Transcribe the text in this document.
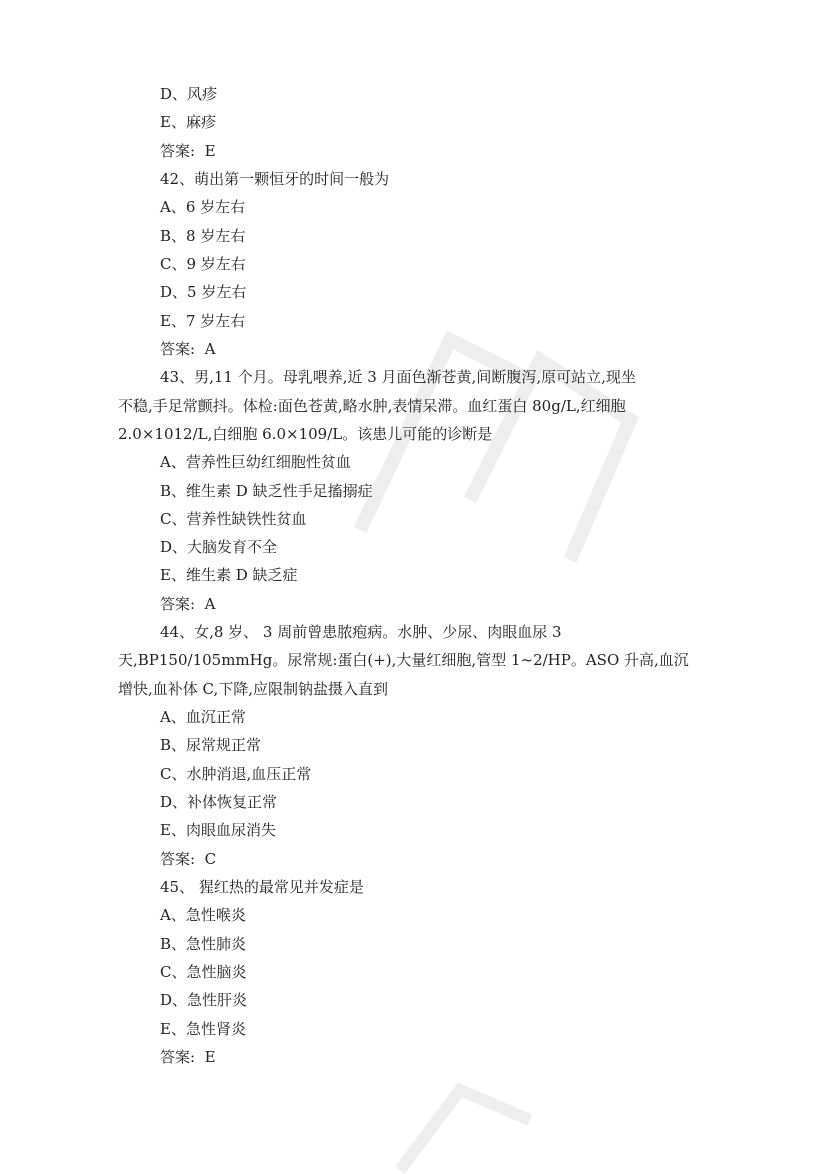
D、风疹
E、麻疹
答案:  E
42、萌出第一颗恒牙的时间一般为
A、6 岁左右
B、8 岁左右
C、9 岁左右
D、5 岁左右
E、7 岁左右
答案:  A
43、男,11 个月。母乳喂养,近 3 月面色渐苍黄,间断腹泻,原可站立,现坐
不稳,手足常颤抖。体检:面色苍黄,略水肿,表情呆滞。血红蛋白 80g/L,红细胞
2.0×1012/L,白细胞 6.0×109/L。该患儿可能的诊断是
A、营养性巨幼红细胞性贫血
B、维生素 D 缺乏性手足搐搦症
C、营养性缺铁性贫血
D、大脑发育不全
E、维生素 D 缺乏症
答案:  A
44、女,8 岁、 3 周前曾患脓疱病。水肿、少尿、肉眼血尿 3
天,BP150/105mmHg。尿常规:蛋白(+),大量红细胞,管型 1~2/HP。ASO 升高,血沉
增快,血补体 C,下降,应限制钠盐摄入直到
A、血沉正常
B、尿常规正常
C、水肿消退,血压正常
D、补体恢复正常
E、肉眼血尿消失
答案:  C
45、 猩红热的最常见并发症是
A、急性喉炎
B、急性肺炎
C、急性脑炎
D、急性肝炎
E、急性肾炎
答案:  E
